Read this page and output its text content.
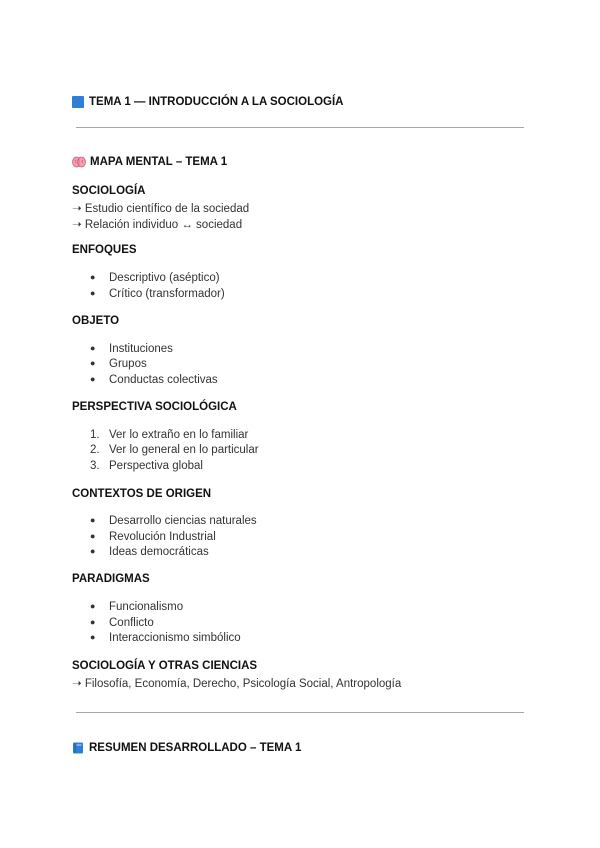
TEMA 1 — INTRODUCCIÓN A LA SOCIOLOGÍA
MAPA MENTAL – TEMA 1
SOCIOLOGÍA
➝ Estudio científico de la sociedad
➝ Relación individuo ↔ sociedad
ENFOQUES
● Descriptivo (aséptico)
● Crítico (transformador)
OBJETO
● Instituciones
● Grupos
● Conductas colectivas
PERSPECTIVA SOCIOLÓGICA
1. Ver lo extraño en lo familiar
2. Ver lo general en lo particular
3. Perspectiva global
CONTEXTOS DE ORIGEN
● Desarrollo ciencias naturales
● Revolución Industrial
● Ideas democráticas
PARADIGMAS
● Funcionalismo
● Conflicto
● Interaccionismo simbólico
SOCIOLOGÍA Y OTRAS CIENCIAS
➝ Filosofía, Economía, Derecho, Psicología Social, Antropología
RESUMEN DESARROLLADO – TEMA 1
